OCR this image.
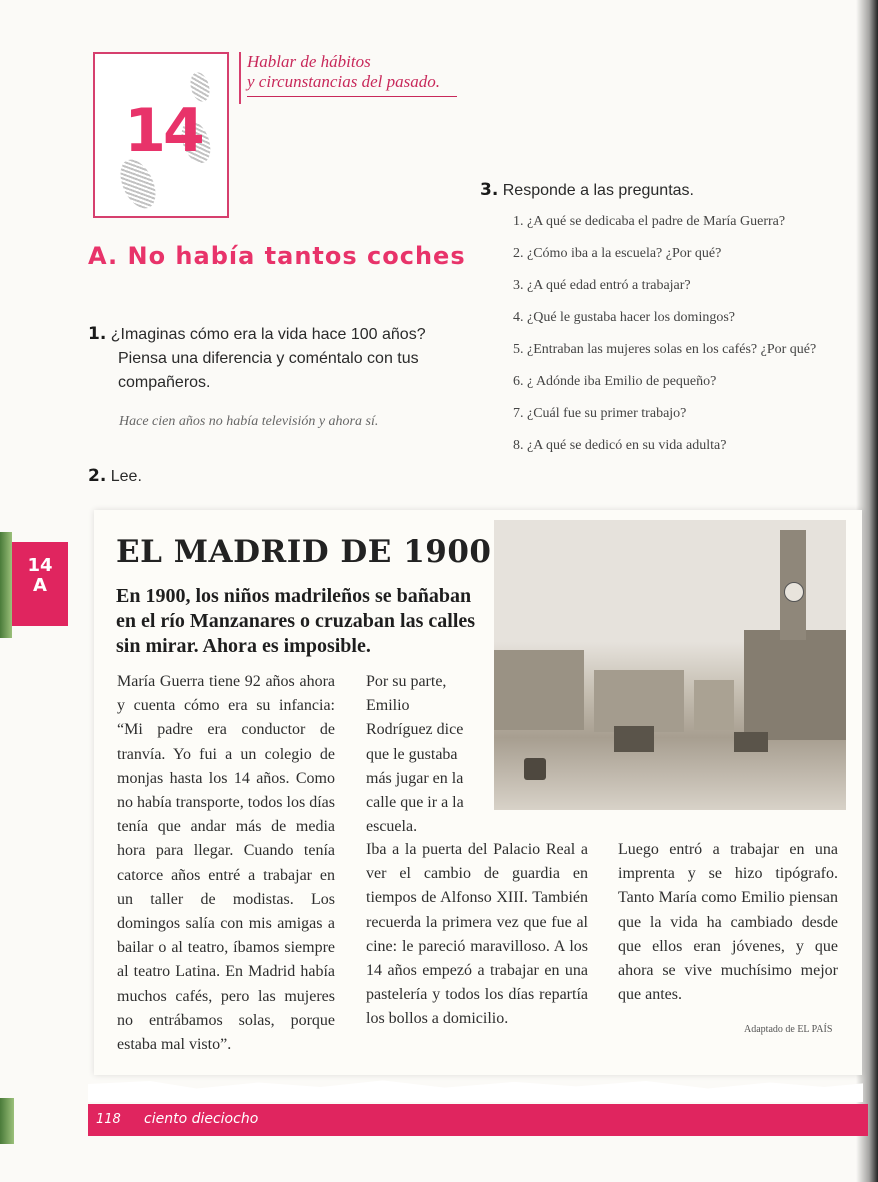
14
Hablar de hábitos
y circunstancias del pasado.
A. No había tantos coches
1. ¿Imaginas cómo era la vida hace 100 años? Piensa una diferencia y coméntalo con tus compañeros.
Hace cien años no había televisión y ahora sí.
2. Lee.
3. Responde a las preguntas.
1. ¿A qué se dedicaba el padre de María Guerra?
2. ¿Cómo iba a la escuela? ¿Por qué?
3. ¿A qué edad entró a trabajar?
4. ¿Qué le gustaba hacer los domingos?
5. ¿Entraban las mujeres solas en los cafés? ¿Por qué?
6. ¿ Adónde iba Emilio de pequeño?
7. ¿Cuál fue su primer trabajo?
8. ¿A qué se dedicó en su vida adulta?
14
A
EL MADRID DE 1900
En 1900, los niños madrileños se bañaban en el río Manzanares o cruzaban las calles sin mirar. Ahora es imposible.
María Guerra tiene 92 años ahora y cuenta cómo era su infancia: “Mi padre era conductor de tranvía. Yo fui a un colegio de monjas hasta los 14 años. Como no había transporte, todos los días tenía que andar más de media hora para llegar. Cuando tenía catorce años entré a trabajar en un taller de modistas. Los domingos salía con mis amigas a bailar o al teatro, íbamos siempre al teatro Latina. En Madrid había muchos cafés, pero las mujeres no entrábamos solas, porque estaba mal visto”.
Por su parte, Emilio Rodríguez dice que le gustaba más jugar en la calle que ir a la escuela.
Iba a la puerta del Palacio Real a ver el cambio de guardia en tiempos de Alfonso XIII. También recuerda la primera vez que fue al cine: le pareció maravilloso. A los 14 años empezó a trabajar en una pastelería y todos los días repartía los bollos a domicilio.
Luego entró a trabajar en una imprenta y se hizo tipógrafo. Tanto María como Emilio piensan que la vida ha cambiado desde que ellos eran jóvenes, y que ahora se vive muchísimo mejor que antes.
Adaptado de EL PAÍS
118 ciento dieciocho
